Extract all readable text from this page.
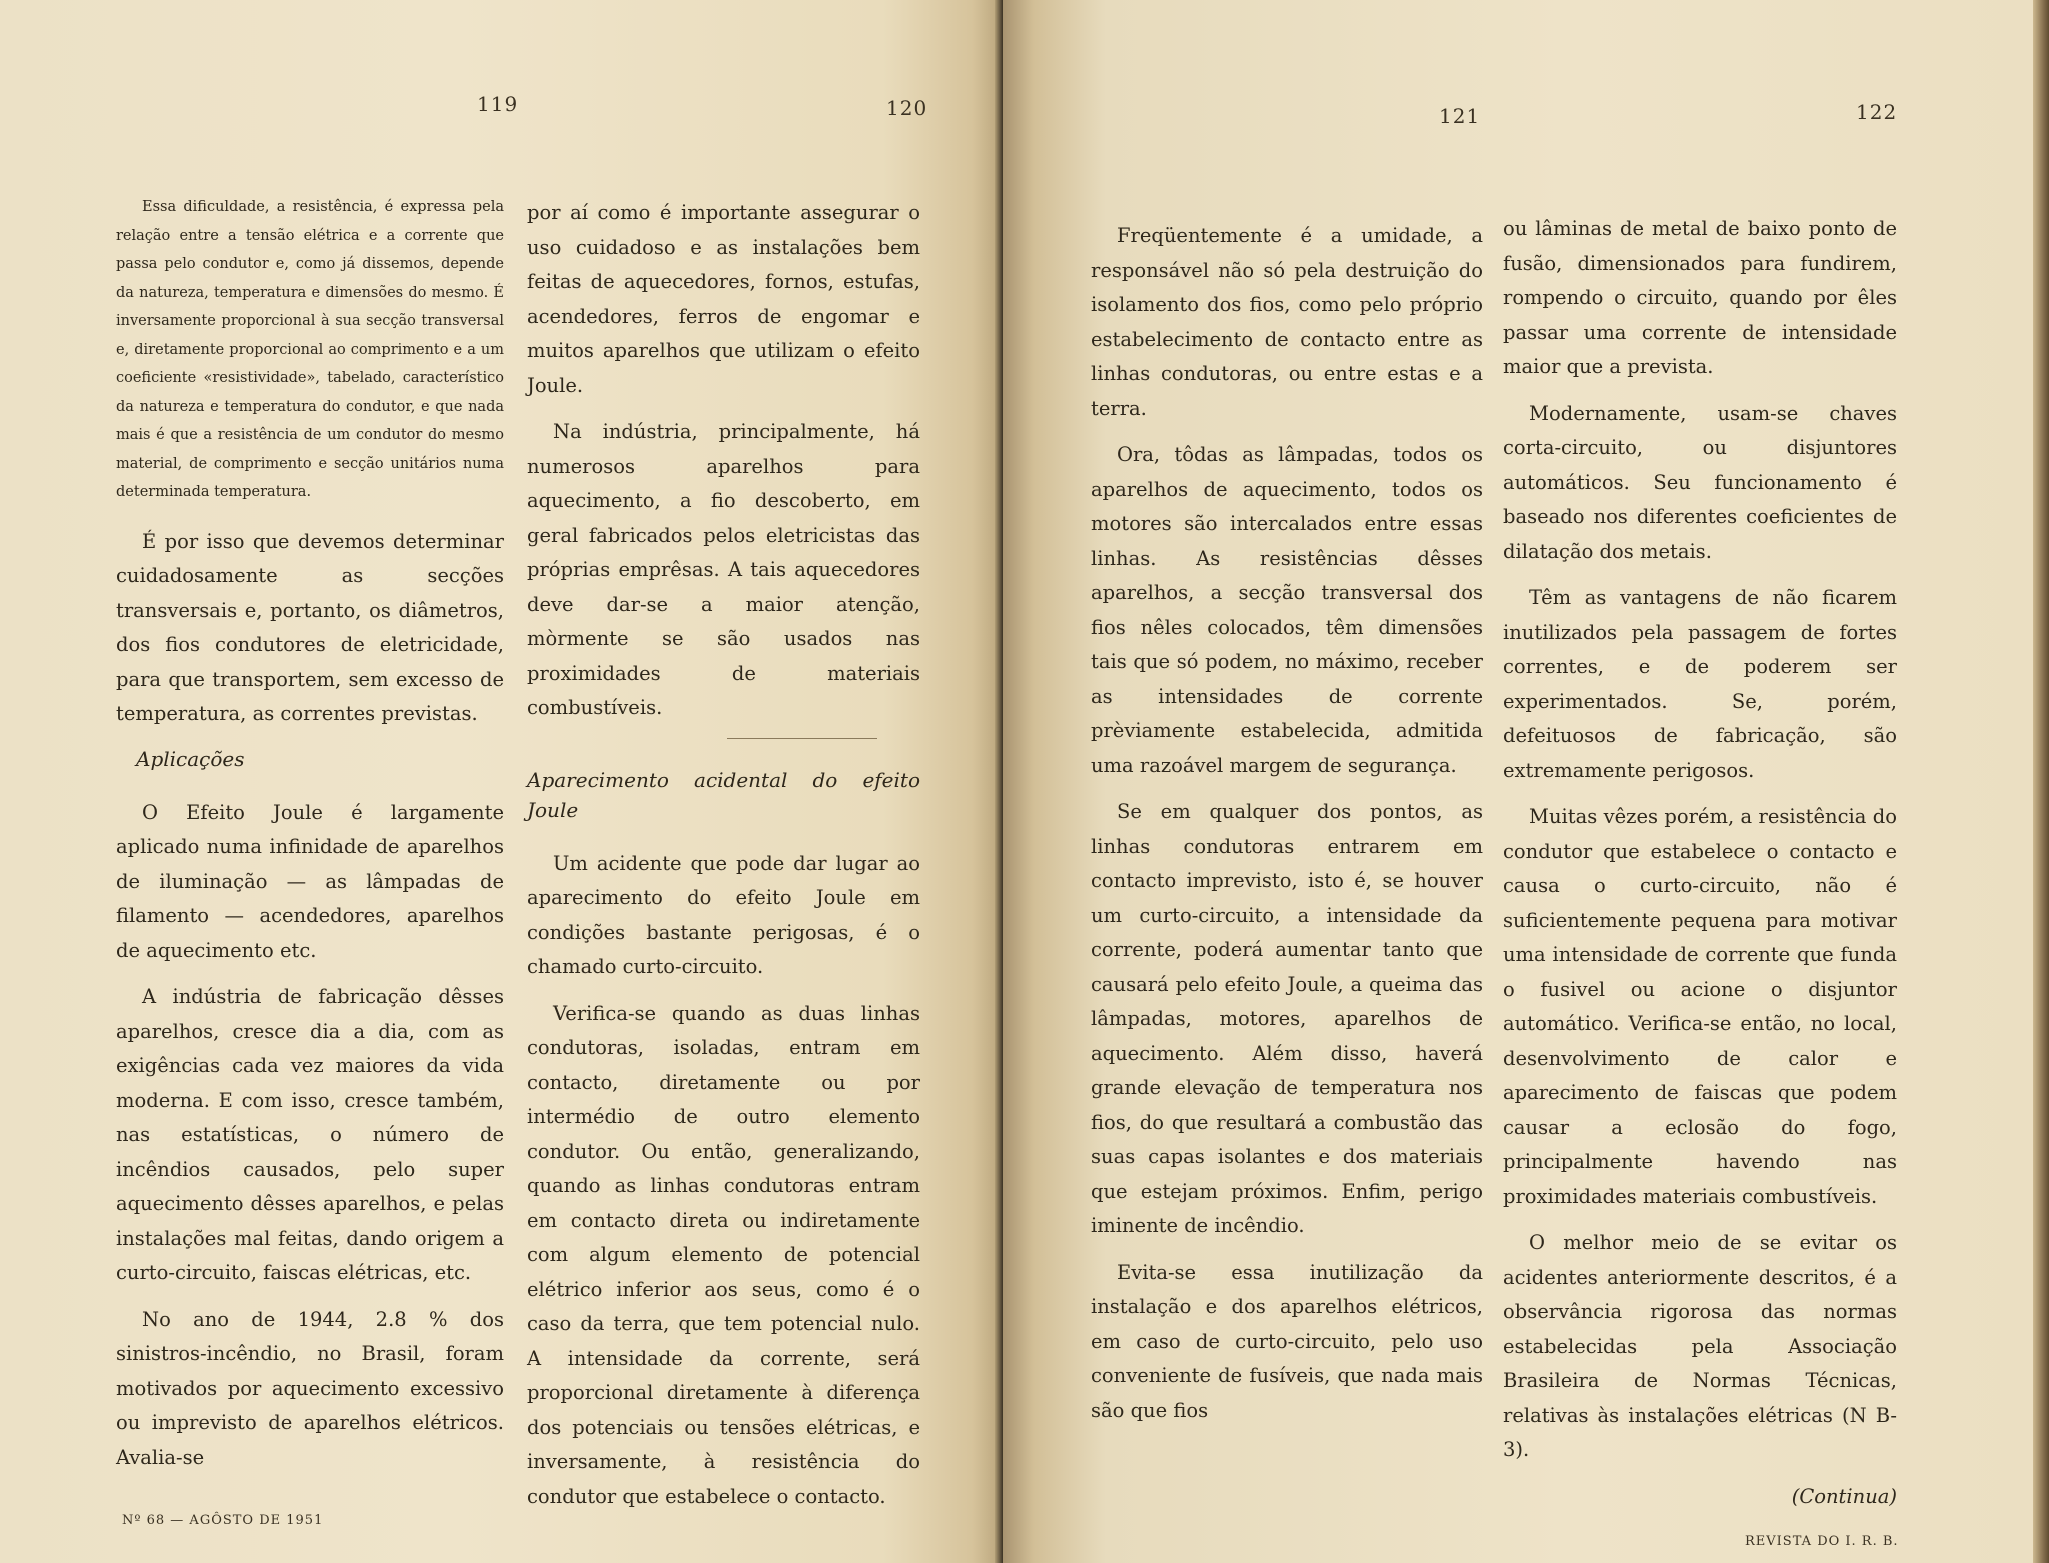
119	120

Essa dificuldade, a resistência, é expressa pela relação entre a tensão elétrica e a corrente que passa pelo condutor e, como já dissemos, depende da natureza, temperatura e dimensões do mesmo. É inversamente proporcional à sua secção transversal e, diretamente proporcional ao comprimento e a um coeficiente «resistividade», tabelado, característico da natureza e temperatura do condutor, e que nada mais é que a resistência de um condutor do mesmo material, de comprimento e secção unitários numa determinada temperatura.

É por isso que devemos determinar cuidadosamente as secções transversais e, portanto, os diâmetros, dos fios condutores de eletricidade, para que transportem, sem excesso de temperatura, as correntes previstas.

Aplicações

O Efeito Joule é largamente aplicado numa infinidade de aparelhos de iluminação — as lâmpadas de filamento — acendedores, aparelhos de aquecimento etc.

A indústria de fabricação dêsses aparelhos, cresce dia a dia, com as exigências cada vez maiores da vida moderna. E com isso, cresce também, nas estatísticas, o número de incêndios causados, pelo super aquecimento dêsses aparelhos, e pelas instalações mal feitas, dando origem a curto-circuito, faiscas elétricas, etc.

No ano de 1944, 2.8 % dos sinistros-incêndio, no Brasil, foram motivados por aquecimento excessivo ou imprevisto de aparelhos elétricos. Avalia-se

por aí como é importante assegurar o uso cuidadoso e as instalações bem feitas de aquecedores, fornos, estufas, acendedores, ferros de engomar e muitos aparelhos que utilizam o efeito Joule.

Na indústria, principalmente, há numerosos aparelhos para aquecimento, a fio descoberto, em geral fabricados pelos eletricistas das próprias emprêsas. A tais aquecedores deve dar-se a maior atenção, mòrmente se são usados nas proximidades de materiais combustíveis.

Aparecimento acidental do efeito Joule

Um acidente que pode dar lugar ao aparecimento do efeito Joule em condições bastante perigosas, é o chamado curto-circuito.

Verifica-se quando as duas linhas condutoras, isoladas, entram em contacto, diretamente ou por intermédio de outro elemento condutor. Ou então, generalizando, quando as linhas condutoras entram em contacto direta ou indiretamente com algum elemento de potencial elétrico inferior aos seus, como é o caso da terra, que tem potencial nulo. A intensidade da corrente, será proporcional diretamente à diferença dos potenciais ou tensões elétricas, e inversamente, à resistência do condutor que estabelece o contacto.

Nº 68 — AGÔSTO DE 1951
121	122

Freqüentemente é a umidade, a responsável não só pela destruição do isolamento dos fios, como pelo próprio estabelecimento de contacto entre as linhas condutoras, ou entre estas e a terra.

Ora, tôdas as lâmpadas, todos os aparelhos de aquecimento, todos os motores são intercalados entre essas linhas. As resistências dêsses aparelhos, a secção transversal dos fios nêles colocados, têm dimensões tais que só podem, no máximo, receber as intensidades de corrente prèviamente estabelecida, admitida uma razoável margem de segurança.

Se em qualquer dos pontos, as linhas condutoras entrarem em contacto imprevisto, isto é, se houver um curto-circuito, a intensidade da corrente, poderá aumentar tanto que causará pelo efeito Joule, a queima das lâmpadas, motores, aparelhos de aquecimento. Além disso, haverá grande elevação de temperatura nos fios, do que resultará a combustão das suas capas isolantes e dos materiais que estejam próximos. Enfim, perigo iminente de incêndio.

Evita-se essa inutilização da instalação e dos aparelhos elétricos, em caso de curto-circuito, pelo uso conveniente de fusíveis, que nada mais são que fios

ou lâminas de metal de baixo ponto de fusão, dimensionados para fundirem, rompendo o circuito, quando por êles passar uma corrente de intensidade maior que a prevista.

Modernamente, usam-se chaves corta-circuito, ou disjuntores automáticos. Seu funcionamento é baseado nos diferentes coeficientes de dilatação dos metais.

Têm as vantagens de não ficarem inutilizados pela passagem de fortes correntes, e de poderem ser experimentados. Se, porém, defeituosos de fabricação, são extremamente perigosos.

Muitas vêzes porém, a resistência do condutor que estabelece o contacto e causa o curto-circuito, não é suficientemente pequena para motivar uma intensidade de corrente que funda o fusivel ou acione o disjuntor automático. Verifica-se então, no local, desenvolvimento de calor e aparecimento de faiscas que podem causar a eclosão do fogo, principalmente havendo nas proximidades materiais combustíveis.

O melhor meio de se evitar os acidentes anteriormente descritos, é a observância rigorosa das normas estabelecidas pela Associação Brasileira de Normas Técnicas, relativas às instalações elétricas (N B-3).

(Continua)

REVISTA DO I. R. B.
